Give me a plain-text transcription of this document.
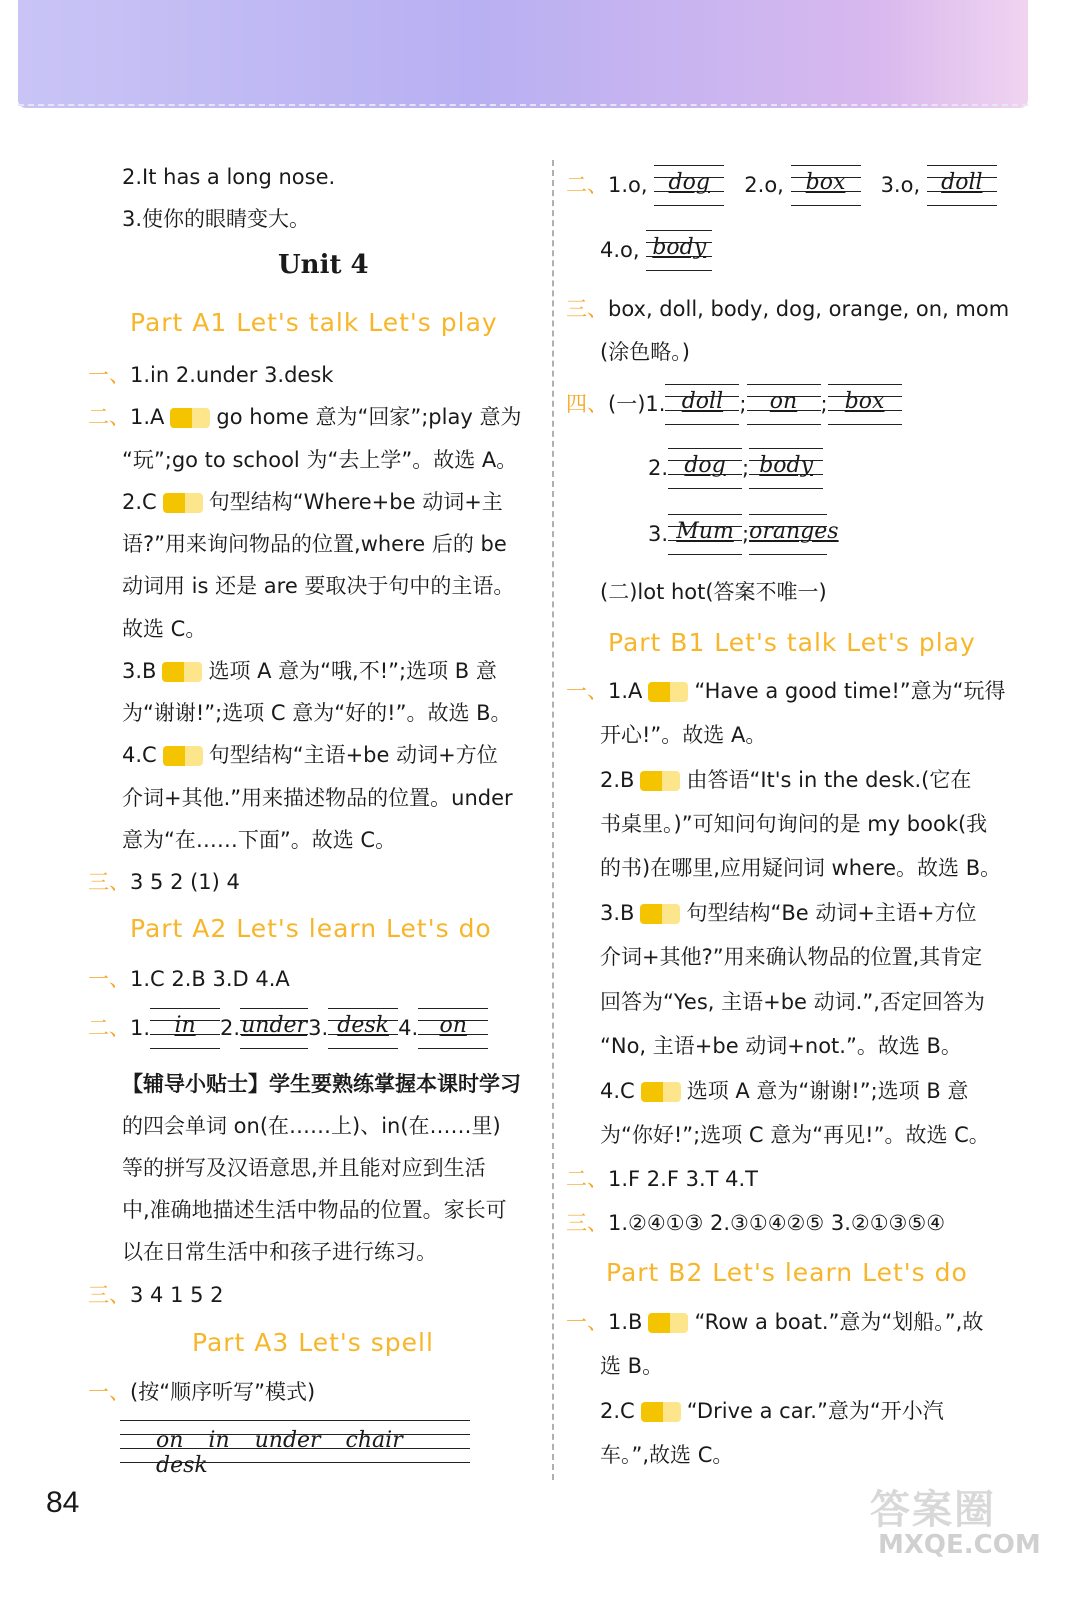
2.It has a long nose.
3.使你的眼睛变大。
Unit 4
Part A1 Let's talk Let's play
一、1.in 2.under 3.desk
二、1.A go home 意为“回家”;play 意为
“玩”;go to school 为“去上学”。故选 A。
2.C 句型结构“Where+be 动词+主
语?”用来询问物品的位置,where 后的 be
动词用 is 还是 are 要取决于句中的主语。
故选 C。
3.B 选项 A 意为“哦,不!”;选项 B 意
为“谢谢!”;选项 C 意为“好的!”。故选 B。
4.C 句型结构“主语+be 动词+方位
介词+其他.”用来描述物品的位置。under
意为“在……下面”。故选 C。
三、3 5 2 (1) 4
Part A2 Let's learn Let's do
一、1.C 2.B 3.D 4.A
二、1. in 2.
under3. desk 4. on
【辅导小贴士】学生要熟练掌握本课时学习
的四会单词 on(在……上)、in(在……里)
等的拼写及汉语意思,并且能对应到生活
中,准确地描述生活中物品的位置。家长可
以在日常生活中和孩子进行练习。
三、3 4 1 5 2
Part A3 Let's spell
一、(按“顺序听写”模式)
on in under chair desk
二、1.o, dog 2.o, box 3.o, doll
4.o, body
三、box, doll, body, dog, orange, on, mom
(涂色略。)
四、(一)1. doll ; on ; box
2. dog ; body
3. Mum ;
oranges
(二)lot hot(答案不唯一)
Part B1 Let's talk Let's play
一、1.A “Have a good time!”意为“玩得
开心!”。故选 A。
2.B 由答语“It's in the desk.(它在
书桌里。)”可知问句询问的是 my book(我
的书)在哪里,应用疑问词 where。故选 B。
3.B 句型结构“Be 动词+主语+方位
介词+其他?”用来确认物品的位置,其肯定
回答为“Yes, 主语+be 动词.”,否定回答为
“No, 主语+be 动词+not.”。故选 B。
4.C 选项 A 意为“谢谢!”;选项 B 意
为“你好!”;选项 C 意为“再见!”。故选 C。
二、1.F 2.F 3.T 4.T
三、1.②④①③ 2.③①④②⑤ 3.②①③⑤④
Part B2 Let's learn Let's do
一、1.B “Row a boat.”意为“划船。”,故
选 B。
2.C “Drive a car.”意为“开小汽
车。”,故选 C。
84	答案圈
MXQE.COM
